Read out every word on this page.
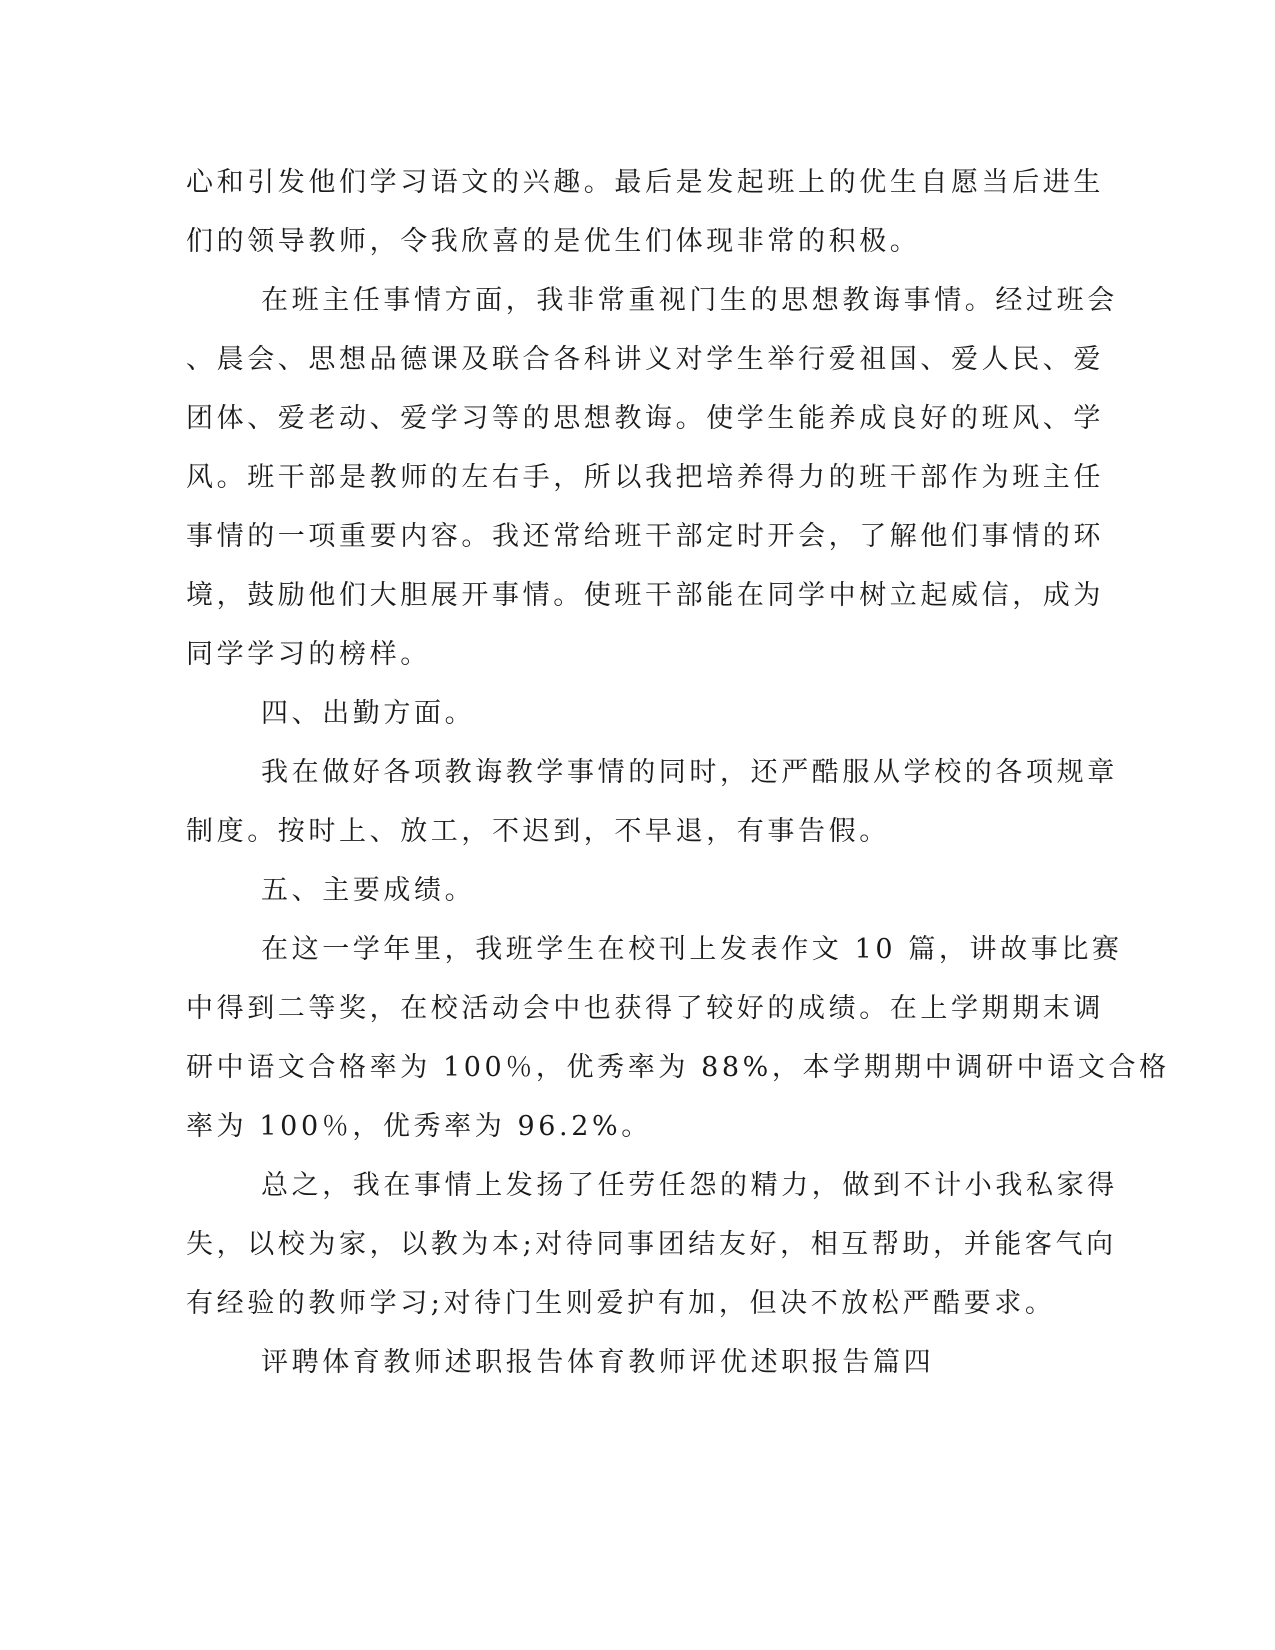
心和引发他们学习语文的兴趣。最后是发起班上的优生自愿当后进生

们的领导教师，令我欣喜的是优生们体现非常的积极。

在班主任事情方面，我非常重视门生的思想教诲事情。经过班会

、晨会、思想品德课及联合各科讲义对学生举行爱祖国、爱人民、爱

团体、爱老动、爱学习等的思想教诲。使学生能养成良好的班风、学

风。班干部是教师的左右手，所以我把培养得力的班干部作为班主任

事情的一项重要内容。我还常给班干部定时开会，了解他们事情的环

境，鼓励他们大胆展开事情。使班干部能在同学中树立起威信，成为

同学学习的榜样。

四、出勤方面。

我在做好各项教诲教学事情的同时，还严酷服从学校的各项规章

制度。按时上、放工，不迟到，不早退，有事告假。

五、主要成绩。

在这一学年里，我班学生在校刊上发表作文 10 篇，讲故事比赛

中得到二等奖，在校活动会中也获得了较好的成绩。在上学期期末调

研中语文合格率为 100％，优秀率为 88%，本学期期中调研中语文合格

率为 100％，优秀率为 96.2%。

总之，我在事情上发扬了任劳任怨的精力，做到不计小我私家得

失，以校为家，以教为本;对待同事团结友好，相互帮助，并能客气向

有经验的教师学习;对待门生则爱护有加，但决不放松严酷要求。

评聘体育教师述职报告体育教师评优述职报告篇四
